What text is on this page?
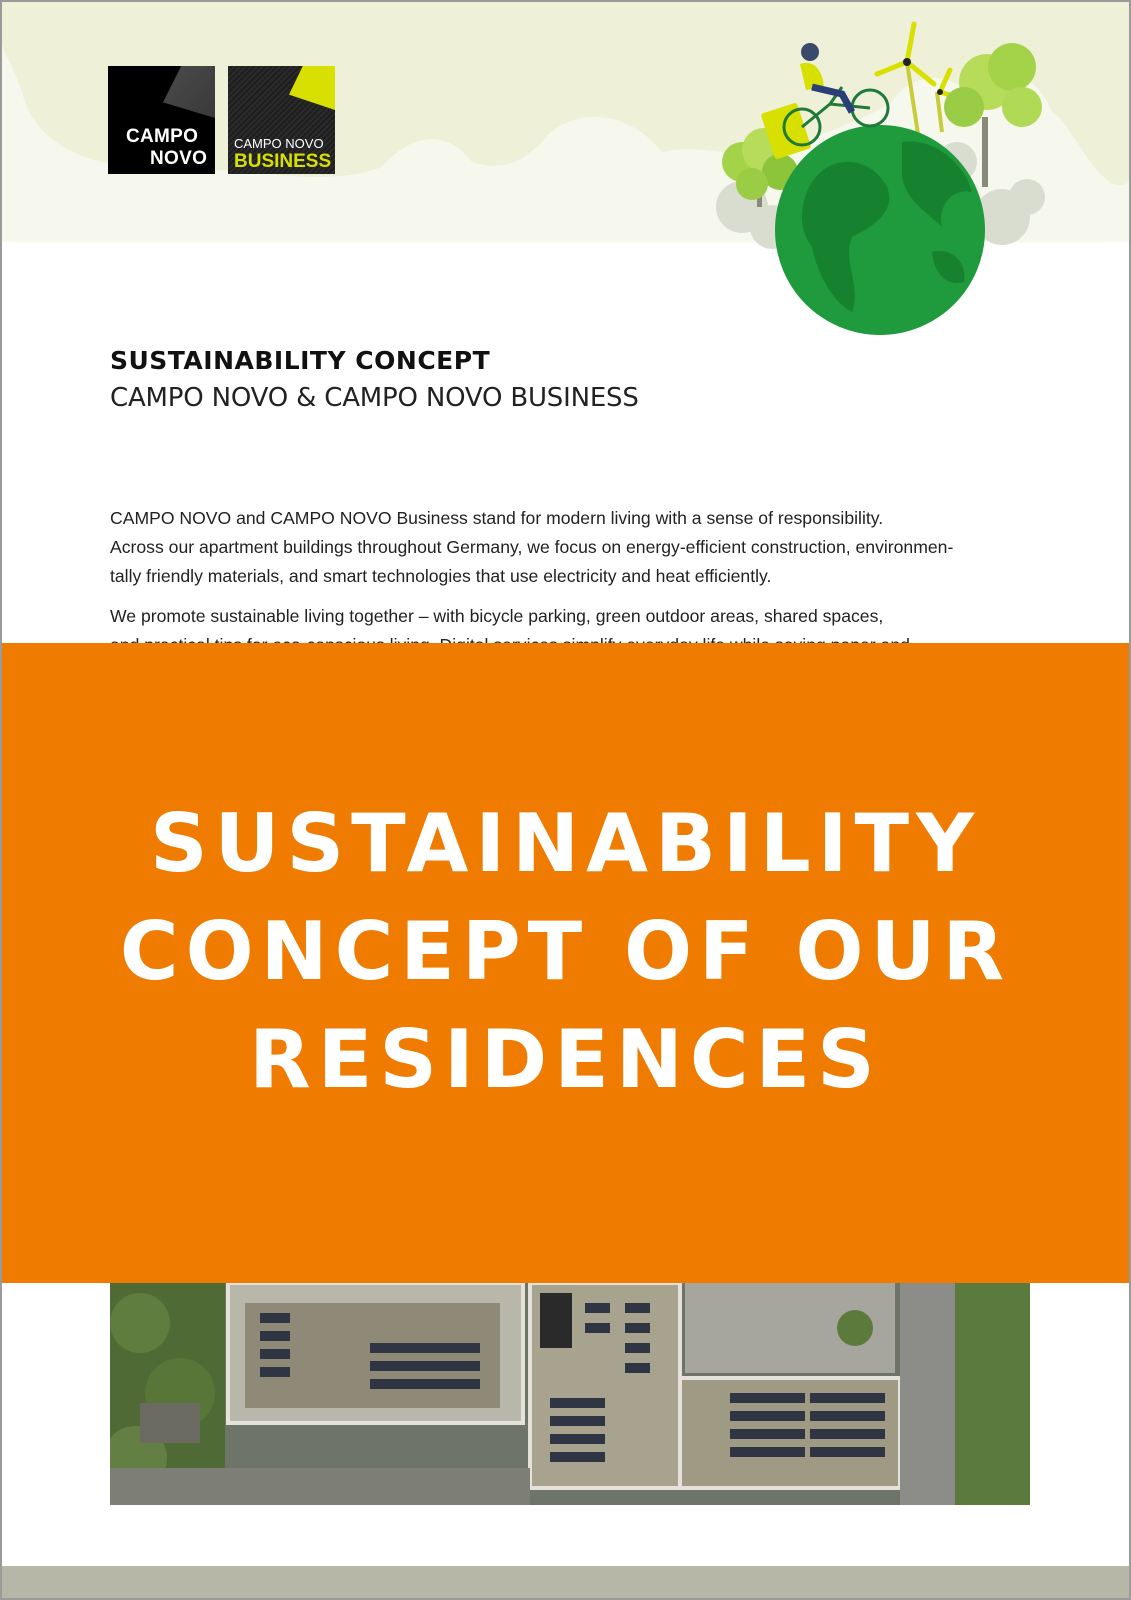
CAMPO
NOVO
CAMPO NOVO
BUSINESS
SUSTAINABILITY CONCEPT
CAMPO NOVO & CAMPO NOVO BUSINESS
CAMPO NOVO and CAMPO NOVO Business stand for modern living with a sense of responsibility.
Across our apartment buildings throughout Germany, we focus on energy-efficient construction, environmen-
tally friendly materials, and smart technologies that use electricity and heat efficiently.
We promote sustainable living together – with bicycle parking, green outdoor areas, shared spaces,
SUSTAINABILITY
CONCEPT OF OUR
RESIDENCES
